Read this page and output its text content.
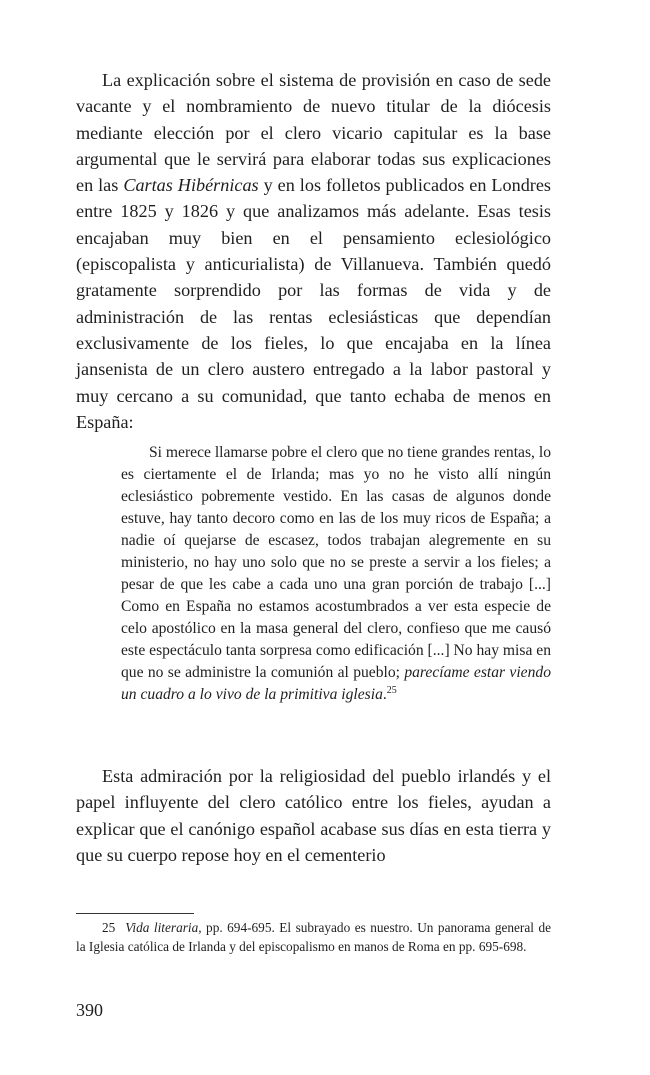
La explicación sobre el sistema de provisión en caso de sede vacante y el nombramiento de nuevo titular de la diócesis mediante elección por el clero vicario capitular es la base argumental que le servirá para elaborar todas sus explicaciones en las Cartas Hibérnicas y en los folletos publicados en Londres entre 1825 y 1826 y que analizamos más adelante. Esas tesis encajaban muy bien en el pensamiento eclesiológico (episcopalista y anticurialista) de Villanueva. También quedó gratamente sorprendido por las formas de vida y de administración de las rentas eclesiásticas que dependían exclusivamente de los fieles, lo que encajaba en la línea jansenista de un clero austero entregado a la labor pastoral y muy cercano a su comunidad, que tanto echaba de menos en España:

Si merece llamarse pobre el clero que no tiene grandes rentas, lo es ciertamente el de Irlanda; mas yo no he visto allí ningún eclesiástico pobremente vestido. En las casas de algunos donde estuve, hay tanto decoro como en las de los muy ricos de España; a nadie oí quejarse de escasez, todos trabajan alegremente en su ministerio, no hay uno solo que no se preste a servir a los fieles; a pesar de que les cabe a cada uno una gran porción de trabajo [...] Como en España no estamos acostumbrados a ver esta especie de celo apostólico en la masa general del clero, confieso que me causó este espectáculo tanta sorpresa como edificación [...] No hay misa en que no se administre la comunión al pueblo; parecíame estar viendo un cuadro a lo vivo de la primitiva iglesia.$^{25}$

Esta admiración por la religiosidad del pueblo irlandés y el papel influyente del clero católico entre los fieles, ayudan a explicar que el canónigo español acabase sus días en esta tierra y que su cuerpo repose hoy en el cementerio

25 Vida literaria, pp. 694-695. El subrayado es nuestro. Un panorama general de la Iglesia católica de Irlanda y del episcopalismo en manos de Roma en pp. 695-698.

390
